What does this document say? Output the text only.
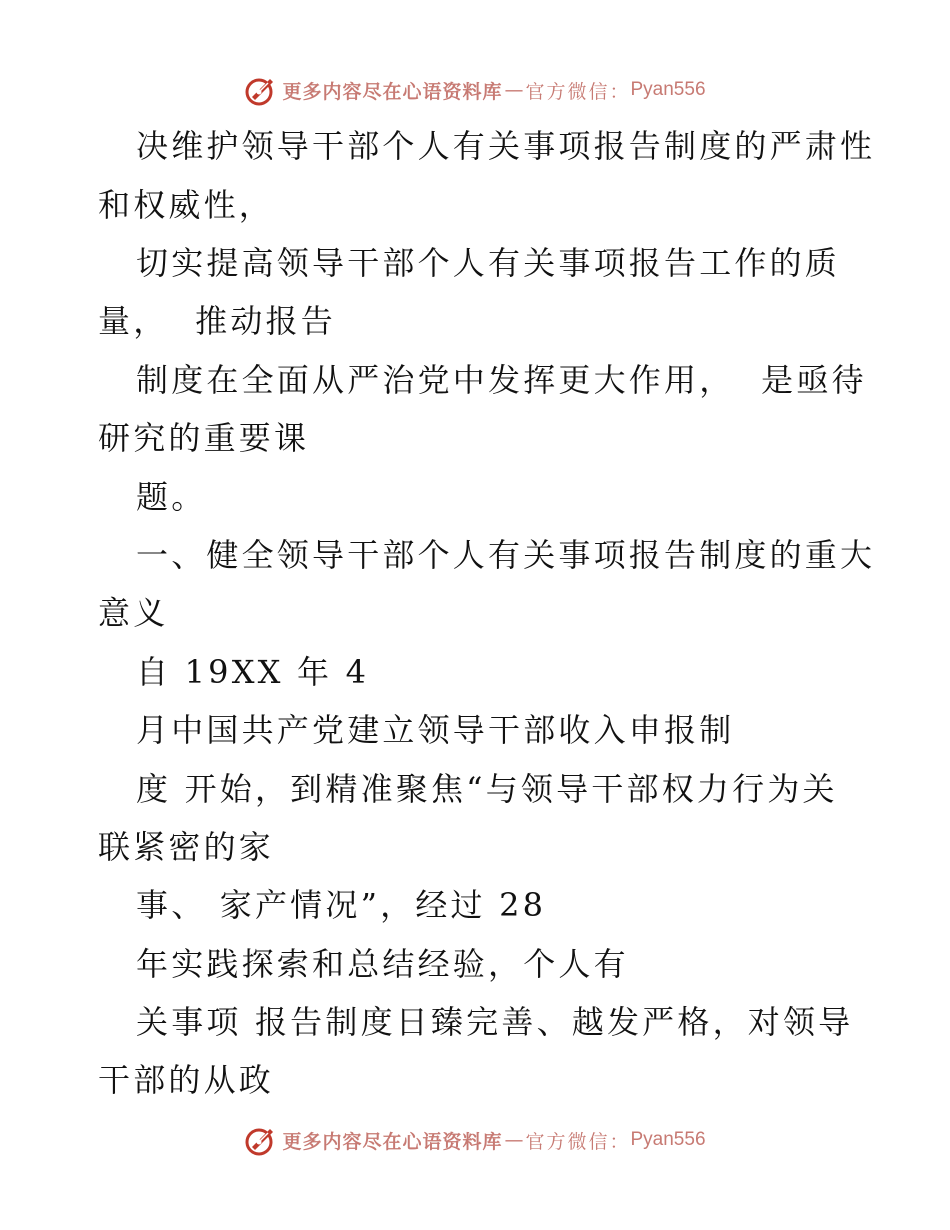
更多内容尽在心语资料库 — 官方微信： Pyan556
决维护领导干部个人有关事项报告制度的严肃性
和权威性，
切实提高领导干部个人有关事项报告工作的质
量，  推动报告
制度在全面从严治党中发挥更大作用，  是亟待
研究的重要课
题。
一、健全领导干部个人有关事项报告制度的重大
意义
自 19XX 年 4
月中国共产党建立领导干部收入申报制
度 开始，到精准聚焦“与领导干部权力行为关
联紧密的家
事、 家产情况”，经过 28
年实践探索和总结经验，个人有
关事项 报告制度日臻完善、越发严格，对领导
干部的从政
更多内容尽在心语资料库 — 官方微信： Pyan556
